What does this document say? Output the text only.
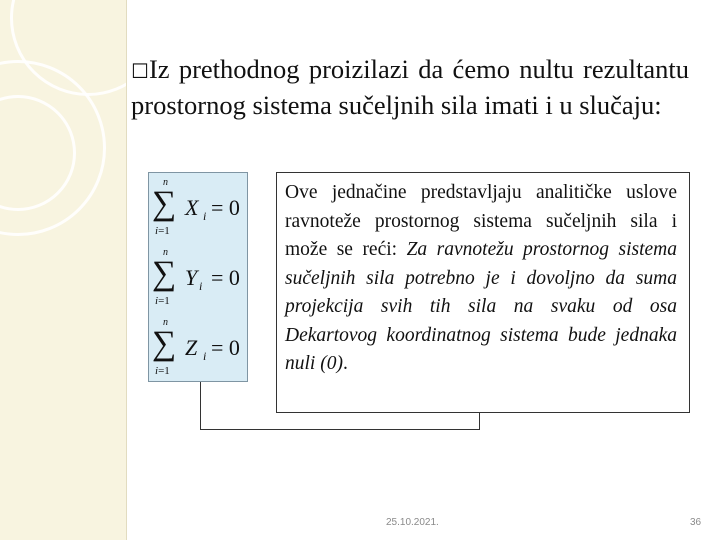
☐Iz prethodnog proizilazi da ćemo nultu rezultantu prostornog sistema sučeljnih sila imati i u slučaju:
n
∑
i=1
X i = 0
n
∑
i=1
Y i = 0
n
∑
i=1
Z i = 0

Ove jednačine predstavljaju analitičke uslove ravnoteže prostornog sistema sučeljnih sila i može se reći: Za ravnotežu prostornog sistema sučeljnih sila potrebno je i dovoljno da suma projekcija svih tih sila na svaku od osa Dekartovog koordinatnog sistema bude jednaka nuli (0).

25.10.2021.	36
